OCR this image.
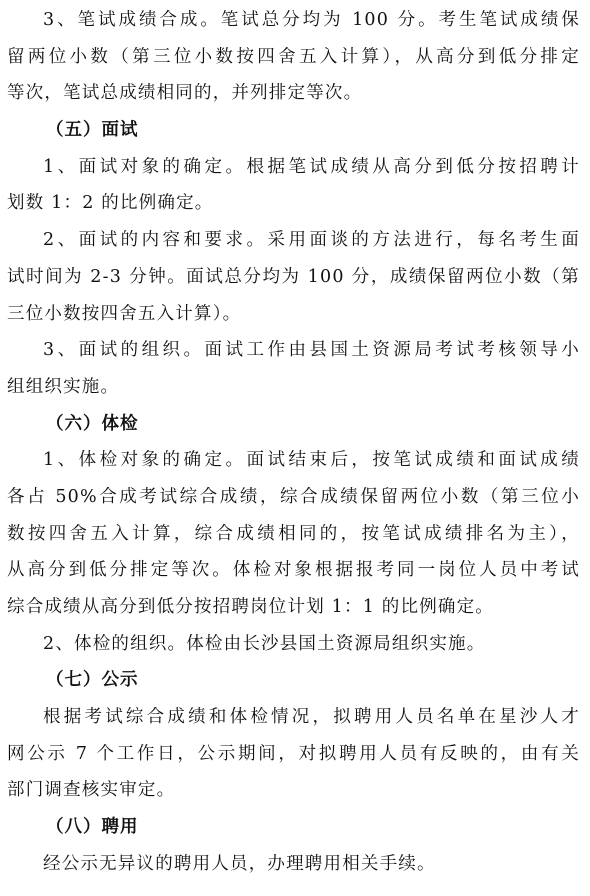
3、笔试成绩合成。笔试总分均为 100 分。考生笔试成绩保
留两位小数（第三位小数按四舍五入计算），从高分到低分排定
等次，笔试总成绩相同的，并列排定等次。
（五）面试
1、面试对象的确定。根据笔试成绩从高分到低分按招聘计
划数 1：2 的比例确定。
2、面试的内容和要求。采用面谈的方法进行，每名考生面
试时间为 2-3 分钟。面试总分均为 100 分，成绩保留两位小数（第
三位小数按四舍五入计算）。
3、面试的组织。面试工作由县国土资源局考试考核领导小
组组织实施。
（六）体检
1、体检对象的确定。面试结束后，按笔试成绩和面试成绩
各占 50%合成考试综合成绩，综合成绩保留两位小数（第三位小
数按四舍五入计算，综合成绩相同的，按笔试成绩排名为主），
从高分到低分排定等次。体检对象根据报考同一岗位人员中考试
综合成绩从高分到低分按招聘岗位计划 1：1 的比例确定。
2、体检的组织。体检由长沙县国土资源局组织实施。
（七）公示
根据考试综合成绩和体检情况，拟聘用人员名单在星沙人才
网公示 7 个工作日，公示期间，对拟聘用人员有反映的，由有关
部门调查核实审定。
（八）聘用
经公示无异议的聘用人员，办理聘用相关手续。
